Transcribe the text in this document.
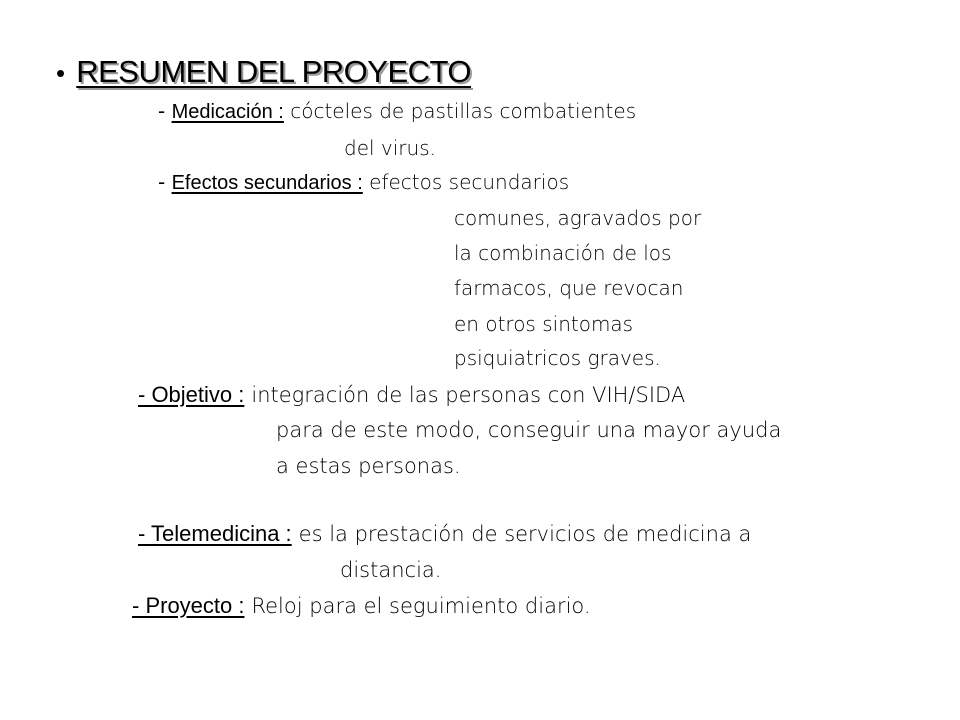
• RESUMEN DEL PROYECTO
- Medicación : cócteles de pastillas combatientes
del virus.
- Efectos secundarios : efectos secundarios
comunes, agravados por
la combinación de los
farmacos, que revocan
en otros sintomas
psiquiatricos graves.
- Objetivo : integración de las personas con VIH/SIDA
para de este modo, conseguir una mayor ayuda
a estas personas.
- Telemedicina : es la prestación de servicios de medicina a
distancia.
- Proyecto : Reloj para el seguimiento diario.
